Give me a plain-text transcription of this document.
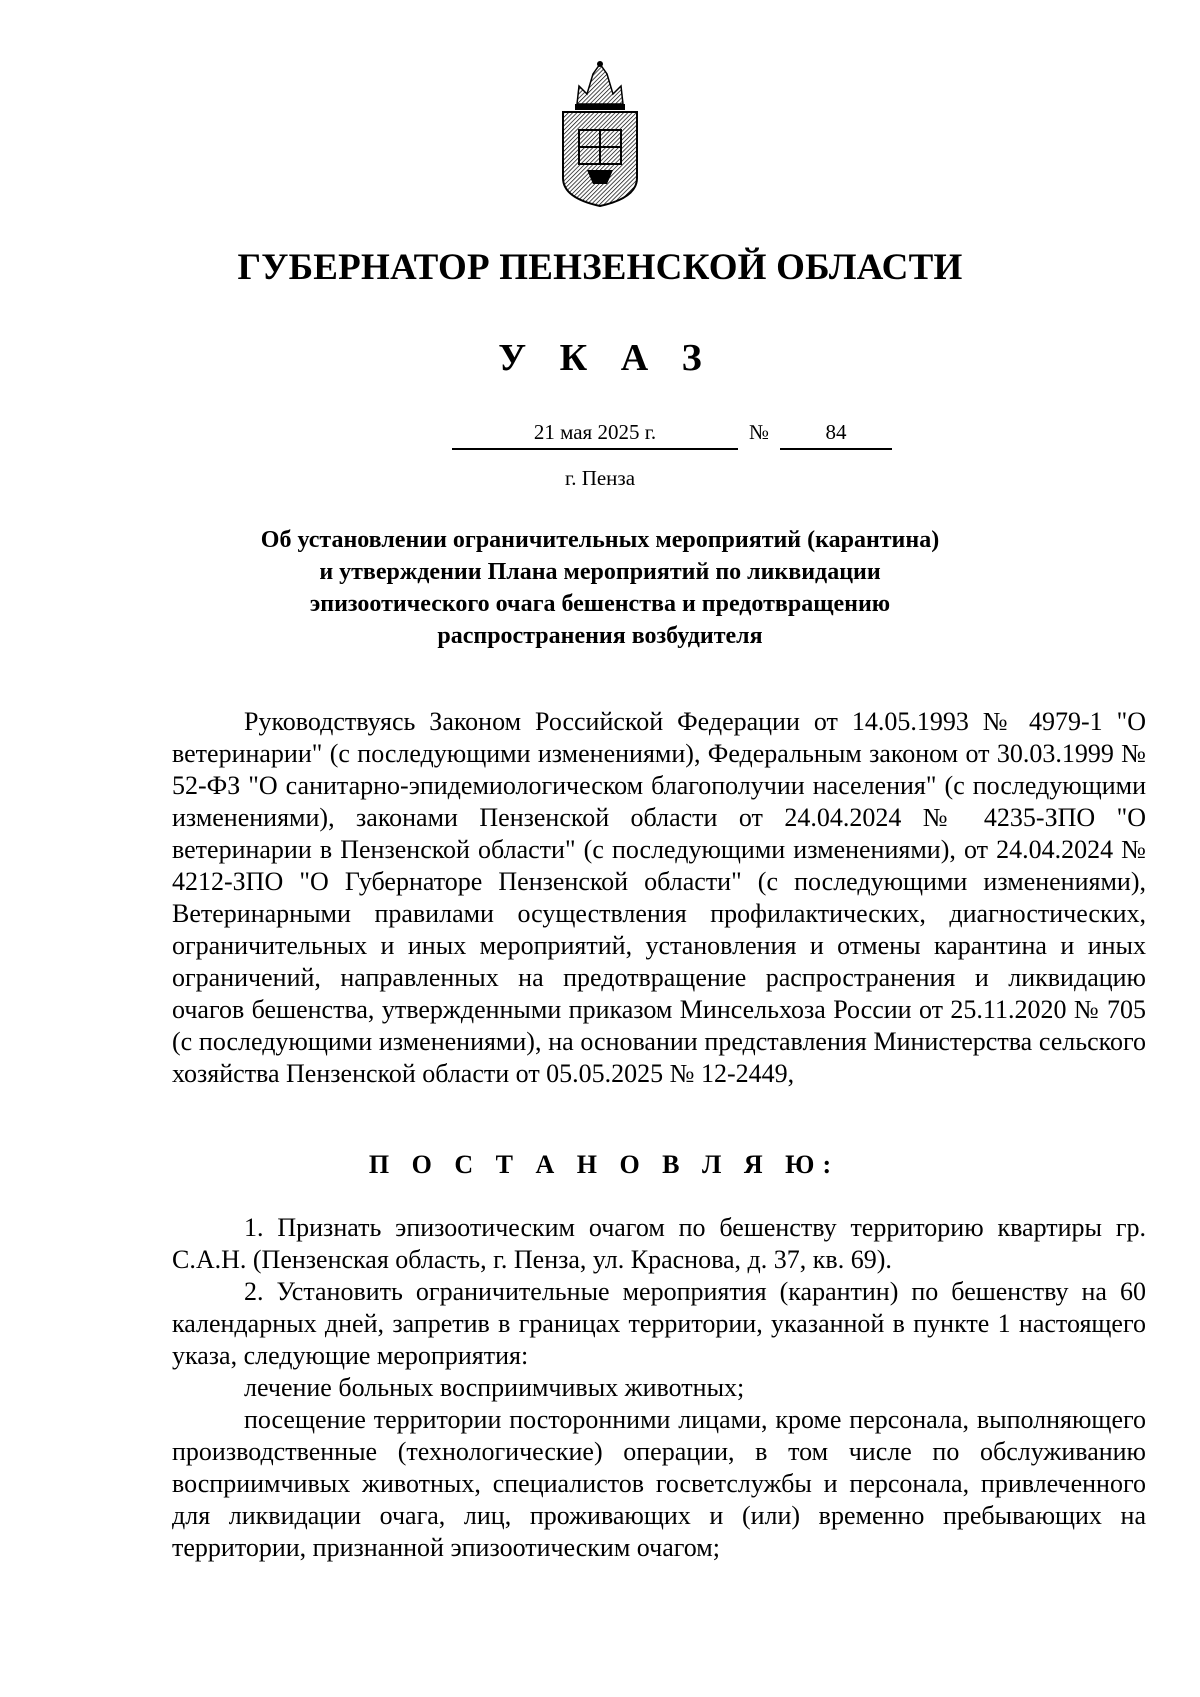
ГУБЕРНАТОР ПЕНЗЕНСКОЙ ОБЛАСТИ
У К А З
21 мая 2025 г.	№	84
г. Пенза
Об установлении ограничительных мероприятий (карантина)
и утверждении Плана мероприятий по ликвидации
эпизоотического очага бешенства и предотвращению
распространения возбудителя

Руководствуясь Законом Российской Федерации от 14.05.1993 № 4979-1 "О ветеринарии" (с последующими изменениями), Федеральным законом от 30.03.1999 № 52-ФЗ "О санитарно-эпидемиологическом благополучии населения" (с последующими изменениями), законами Пензенской области от 24.04.2024 № 4235-ЗПО "О ветеринарии в Пензенской области" (с последующими изменениями), от 24.04.2024 № 4212-ЗПО "О Губернаторе Пензенской области" (с последующими изменениями), Ветеринарными правилами осуществления профилактических, диагностических, ограничительных и иных мероприятий, установления и отмены карантина и иных ограничений, направленных на предотвращение распространения и ликвидацию очагов бешенства, утвержденными приказом Минсельхоза России от 25.11.2020 № 705 (с последующими изменениями), на основании представления Министерства сельского хозяйства Пензенской области от 05.05.2025 № 12-2449,

П О С Т А Н О В Л Я Ю:

1. Признать эпизоотическим очагом по бешенству территорию квартиры гр. С.А.Н. (Пензенская область, г. Пенза, ул. Краснова, д. 37, кв. 69).

2. Установить ограничительные мероприятия (карантин) по бешенству на 60 календарных дней, запретив в границах территории, указанной в пункте 1 настоящего указа, следующие мероприятия:

лечение больных восприимчивых животных;

посещение территории посторонними лицами, кроме персонала, выполняющего производственные (технологические) операции, в том числе по обслуживанию восприимчивых животных, специалистов госветслужбы и персонала, привлеченного для ликвидации очага, лиц, проживающих и (или) временно пребывающих на территории, признанной эпизоотическим очагом;
